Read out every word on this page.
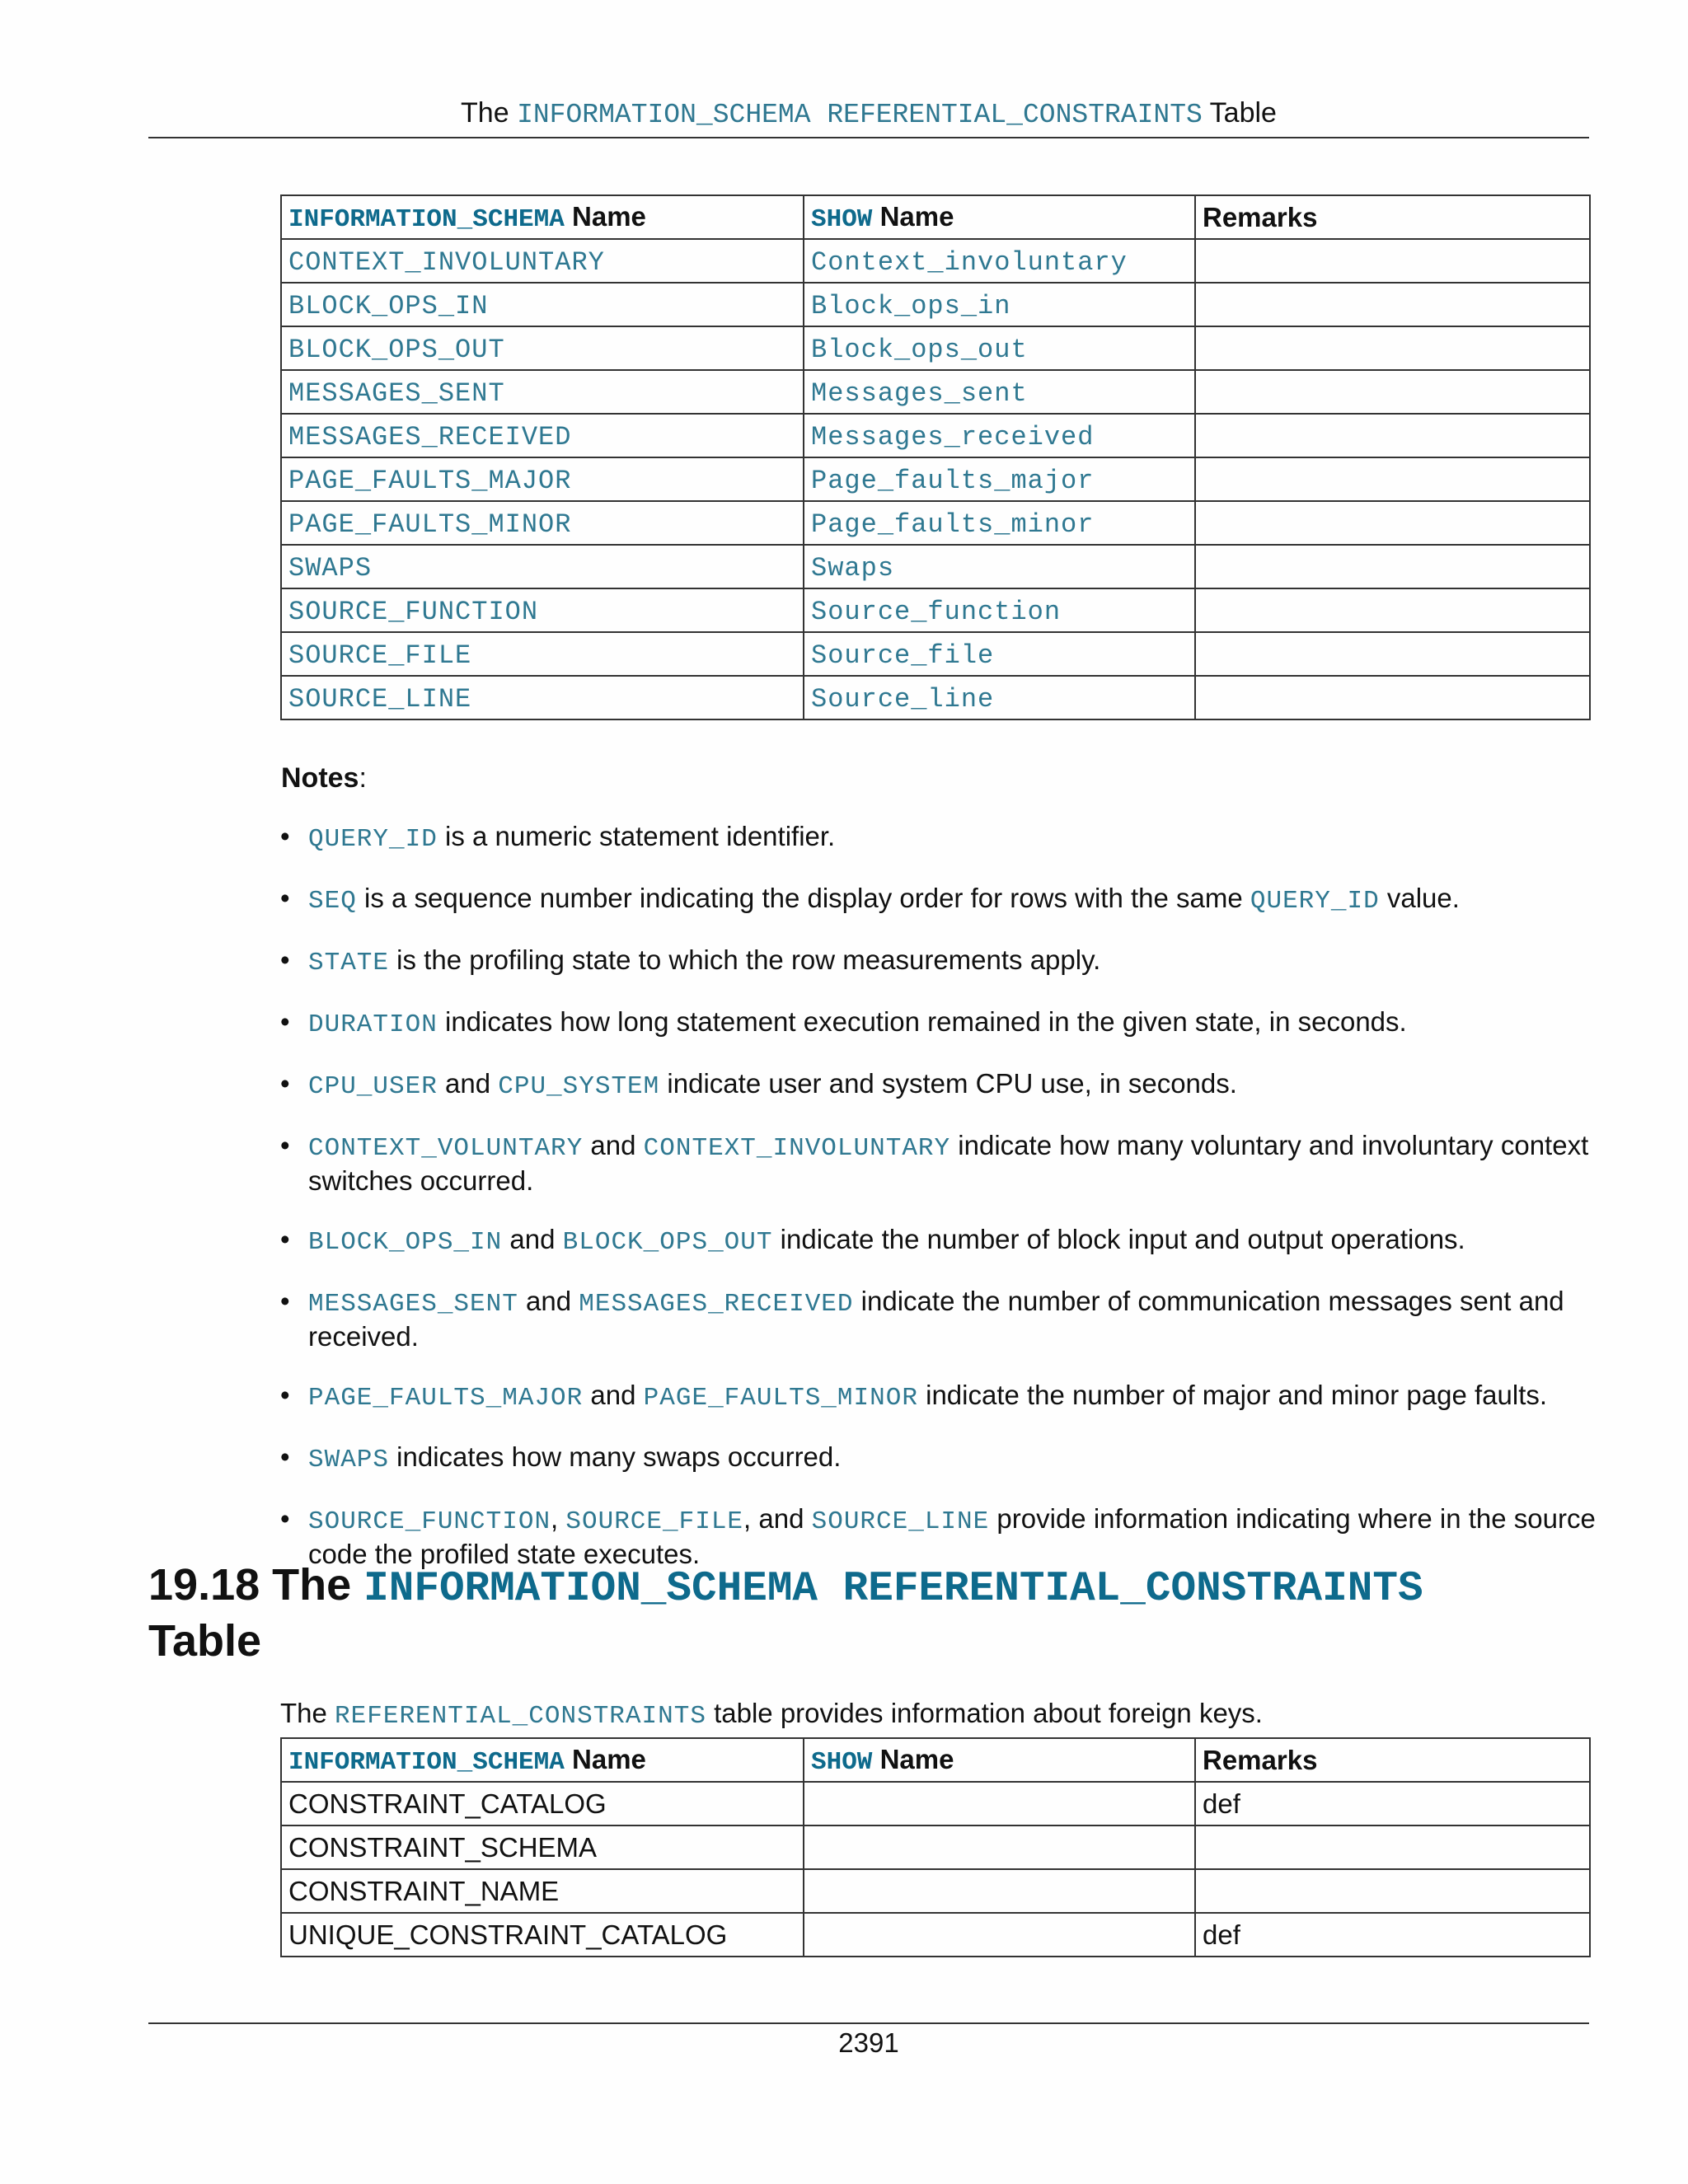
The INFORMATION_SCHEMA REFERENTIAL_CONSTRAINTS Table
INFORMATION_SCHEMA Name	SHOW Name	Remarks
CONTEXT_INVOLUNTARY	Context_involuntary	
BLOCK_OPS_IN	Block_ops_in	
BLOCK_OPS_OUT	Block_ops_out	
MESSAGES_SENT	Messages_sent	
MESSAGES_RECEIVED	Messages_received	
PAGE_FAULTS_MAJOR	Page_faults_major	
PAGE_FAULTS_MINOR	Page_faults_minor	
SWAPS	Swaps	
SOURCE_FUNCTION	Source_function	
SOURCE_FILE	Source_file	
SOURCE_LINE	Source_line	
Notes:
• QUERY_ID is a numeric statement identifier.
• SEQ is a sequence number indicating the display order for rows with the same QUERY_ID value.
• STATE is the profiling state to which the row measurements apply.
• DURATION indicates how long statement execution remained in the given state, in seconds.
• CPU_USER and CPU_SYSTEM indicate user and system CPU use, in seconds.
• CONTEXT_VOLUNTARY and CONTEXT_INVOLUNTARY indicate how many voluntary and involuntary context switches occurred.
• BLOCK_OPS_IN and BLOCK_OPS_OUT indicate the number of block input and output operations.
• MESSAGES_SENT and MESSAGES_RECEIVED indicate the number of communication messages sent and received.
• PAGE_FAULTS_MAJOR and PAGE_FAULTS_MINOR indicate the number of major and minor page faults.
• SWAPS indicates how many swaps occurred.
• SOURCE_FUNCTION, SOURCE_FILE, and SOURCE_LINE provide information indicating where in the source code the profiled state executes.
19.18 The INFORMATION_SCHEMA REFERENTIAL_CONSTRAINTS
Table
The REFERENTIAL_CONSTRAINTS table provides information about foreign keys.
INFORMATION_SCHEMA Name	SHOW Name	Remarks
CONSTRAINT_CATALOG		def
CONSTRAINT_SCHEMA		
CONSTRAINT_NAME		
UNIQUE_CONSTRAINT_CATALOG		def
2391
